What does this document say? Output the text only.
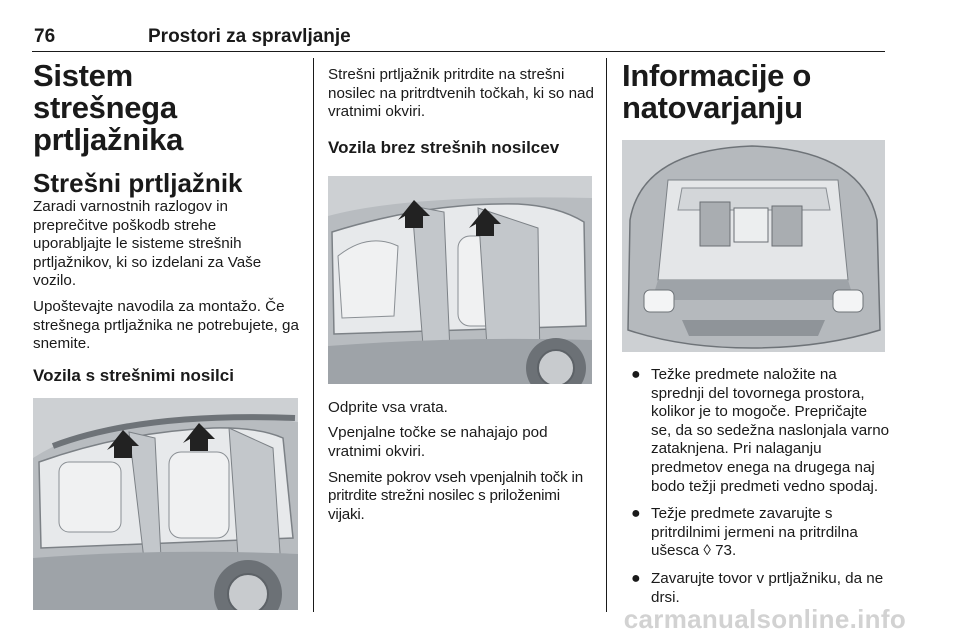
76	Prostori za spravljanje
Sistem strešnega prtljažnika
Strešni prtljažnik
Zaradi varnostnih razlogov in preprečitve poškodb strehe uporabljajte le sisteme strešnih prtljažnikov, ki so izdelani za Vaše vozilo.
Upoštevajte navodila za montažo. Če strešnega prtljažnika ne potrebujete, ga snemite.
Vozila s strešnimi nosilci
Strešni prtljažnik pritrdite na strešni nosilec na pritrdtvenih točkah, ki so nad vratnimi okviri.
Vozila brez strešnih nosilcev
Odprite vsa vrata.
Vpenjalne točke se nahajajo pod vratnimi okviri.
Snemite pokrov vseh vpenjalnih točk in pritrdite strežni nosilec s priloženimi vijaki.
Informacije o natovarjanju
● Težke predmete naložite na sprednji del tovornega prostora, kolikor je to mogoče. Prepričajte se, da so sedežna naslonjala varno zataknjena. Pri nalaganju predmetov enega na drugega naj bodo težji predmeti vedno spodaj.
● Težje predmete zavarujte s pritrdilnimi jermeni na pritrdilna ušesca ◊ 73.
● Zavarujte tovor v prtljažniku, da ne drsi.
carmanualsonline.info
